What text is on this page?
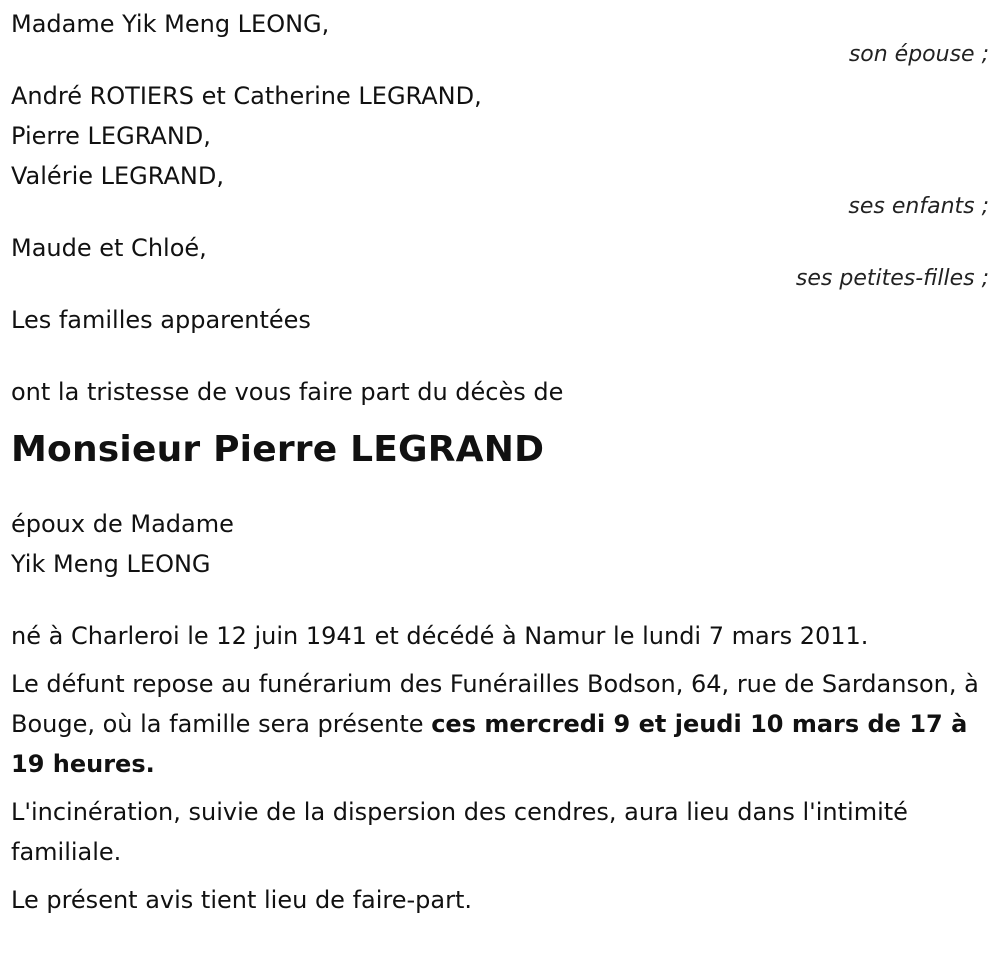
Madame Yik Meng LEONG,
son épouse ;
André ROTIERS et Catherine LEGRAND,
Pierre LEGRAND,
Valérie LEGRAND,
ses enfants ;
Maude et Chloé,
ses petites-filles ;
Les familles apparentées
ont la tristesse de vous faire part du décès de
Monsieur Pierre LEGRAND
époux de Madame
Yik Meng LEONG
né à Charleroi le 12 juin 1941 et décédé à Namur le lundi 7 mars 2011.
Le défunt repose au funérarium des Funérailles Bodson, 64, rue de Sardanson, à Bouge, où la famille sera présente ces mercredi 9 et jeudi 10 mars de 17 à 19 heures.
L'incinération, suivie de la dispersion des cendres, aura lieu dans l'intimité familiale.
Le présent avis tient lieu de faire-part.
